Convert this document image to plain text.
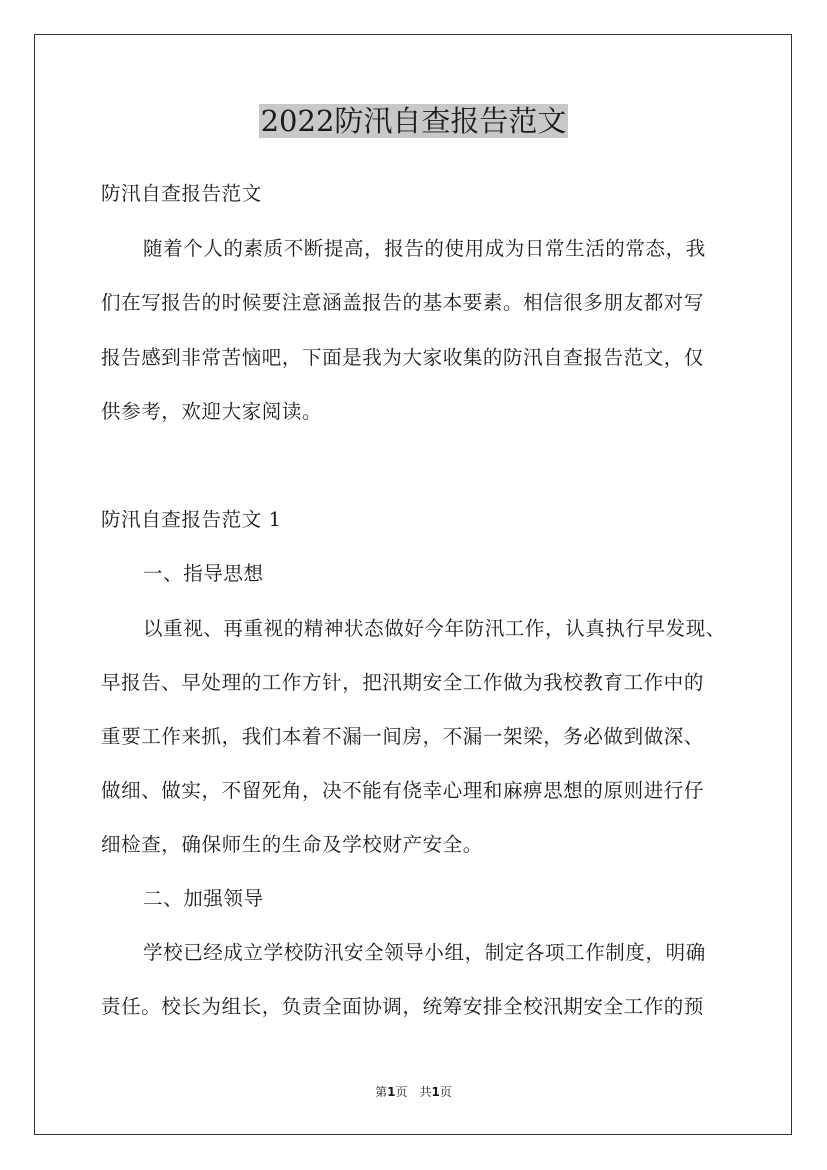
2022防汛自查报告范文
防汛自查报告范文
随着个人的素质不断提高，报告的使用成为日常生活的常态，我
们在写报告的时候要注意涵盖报告的基本要素。相信很多朋友都对写
报告感到非常苦恼吧，下面是我为大家收集的防汛自查报告范文，仅
供参考，欢迎大家阅读。
防汛自查报告范文 1
一、指导思想
以重视、再重视的精神状态做好今年防汛工作，认真执行早发现、
早报告、早处理的工作方针，把汛期安全工作做为我校教育工作中的
重要工作来抓，我们本着不漏一间房，不漏一架梁，务必做到做深、
做细、做实，不留死角，决不能有侥幸心理和麻痹思想的原则进行仔
细检查，确保师生的生命及学校财产安全。
二、加强领导
学校已经成立学校防汛安全领导小组，制定各项工作制度，明确
责任。校长为组长，负责全面协调，统筹安排全校汛期安全工作的预
第1页　共1页
